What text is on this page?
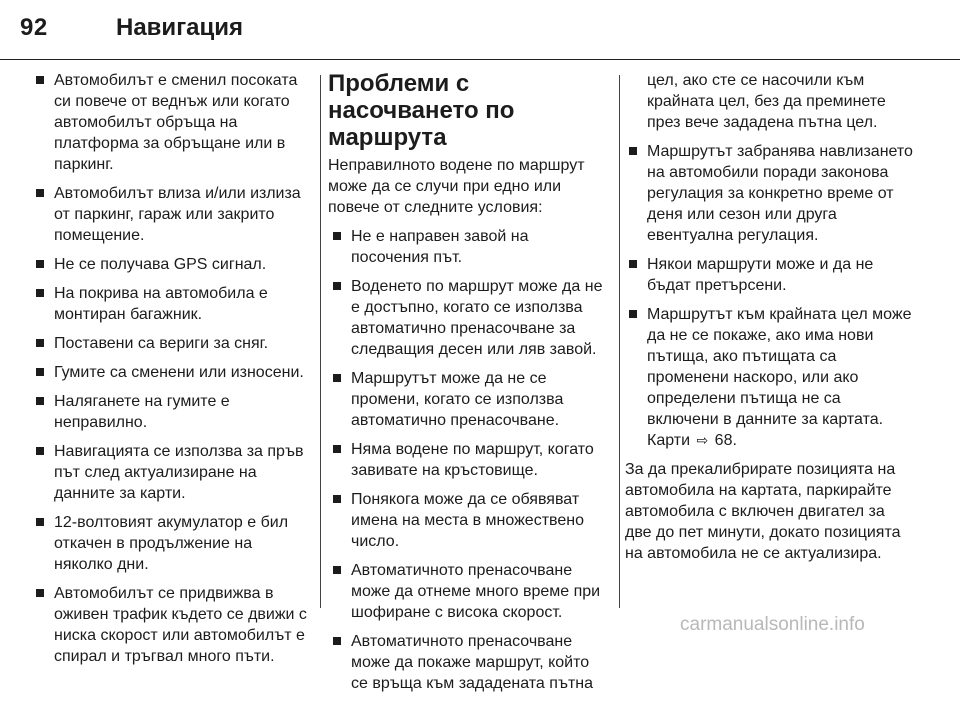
92	Навигация
Автомобилът е сменил посоката си повече от веднъж или когато автомобилът обръща на платформа за обръщане или в паркинг.
Автомобилът влиза и/или излиза от паркинг, гараж или закрито помещение.
Не се получава GPS сигнал.
На покрива на автомобила е монтиран багажник.
Поставени са вериги за сняг.
Гумите са сменени или износени.
Наляганете на гумите е неправилно.
Навигацията се използва за пръв път след актуализиране на данните за карти.
12-волтовият акумулатор е бил откачен в продължение на няколко дни.
Автомобилът се придвижва в оживен трафик където се движи с ниска скорост или автомобилът е спирал и тръгвал много пъти.
Проблеми с насочването по маршрута

Неправилното водене по маршрут може да се случи при едно или повече от следните условия:

Не е направен завой на посочения път.
Воденето по маршрут може да не е достъпно, когато се използва автоматично пренасочване за следващия десен или ляв завой.
Маршрутът може да не се промени, когато се използва автоматично пренасочване.
Няма водене по маршрут, когато завивате на кръстовище.
Понякога може да се обявяват имена на места в множествено число.
Автоматичното пренасочване може да отнеме много време при шофиране с висока скорост.
Автоматичното пренасочване може да покаже маршрут, който се връща към зададената пътна

цел, ако сте се насочили към крайната цел, без да преминете през вече зададена пътна цел.

Маршрутът забранява навлизането на автомобили поради законова регулация за конкретно време от деня или сезон или друга евентуална регулация.
Някои маршрути може и да не бъдат претърсени.
Маршрутът към крайната цел може да не се покаже, ако има нови пътища, ако пътищата са променени наскоро, или ако определени пътища не са включени в данните за картата. Карти ⇨ 68.

За да прекалибрирате позицията на автомобила на картата, паркирайте автомобила с включен двигател за две до пет минути, докато позицията на автомобила не се актуализира.

carmanualsonline.info
